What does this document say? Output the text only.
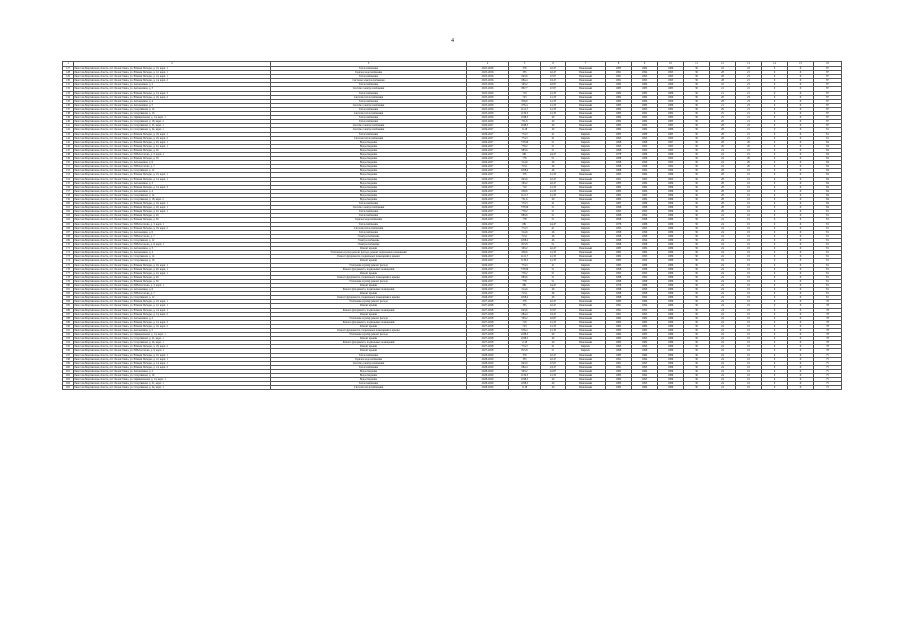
4
1	2	3	4	5	6	7	8	9	10	11	12	13	14	15	16
127	Ряж.Сам.Мартинская область, пгт. Белая Глина, ул. Южная Победы, д. 10, корп. 1	Теплоснабжение	2025-2026	376	42,47	Панельный	1983	1984	1986	30	22	23	0	Х	87
128	Ряж.Сам.Мартинская область, пгт. Белая Глина, ул. Южная Победы, д. 12, корп. 1	Горячее водоснабжение	2025-2026	335	42,47	Панельный	1991	1994	1993	30	28	21	0	Х	87
129	Ряж.Сам.Мартинская область, пгт. Белая Глина, ул. Южная Победы, д. 14, корп. 1	Теплоснабжение	2025-2026	643,6	47,67	Панельный	1991	1995	1993	30	28	23	0	Х	87
130	Ряж.Сам.Мартинская область, пгт. Белая Глина, ул. Южная Победы, д. 14, корп. 2	Системы электроснабжения	2025-2026	684,4	43,47	Панельный	1991	1995	1995	30	28	21	0	Х	87
131	Ряж.Сам.Мартинская область, пгт. Белая Глина, ул. Автономная, д. 2	Теплоснабжение	2025-2026	563,2	42,87	Панельный	1982	1984	1990	30	22	23	0	Х	87
132	Ряж.Сам.Мартинская область, пгт. Белая Глина, ул. Автономная, д. 3	Система электроснабжения	2025-2026	867,7	47,67	Панельный	1983	1985	1985	30	21	21	0	Х	87
133	Ряж.Сам.Мартинская область, пгт. Белая Глина, ул. Южная Победы, д. 14, корп. 3	Теплоснабжение	2025-2026	719	41,33	Панельный	1982	1985	1986	30	21	21	0	Х	87
134	Ряж.Сам.Мартинская область, пгт. Белая Глина, ул. Южная Победы, д. 16, корп. 2	Система теплоснабжения	2025-2026	723	41,33	Панельный	1982	1984	1990	30	26	23	0	Х	87
135	Ряж.Сам.Мартинская область, пгт. Белая Глина, ул. Автономная, д. 4	Теплоснабжение	2025-2026	639,6	41,33	Панельный	1982	1984	1990	30	28	23	0	Х	87
136	Ряж.Сам.Мартинская область, пгт. Белая Глина, ул. Автономная, д. 5	Система электроснабжения	2025-2026	676,4	41,33	Панельный	1983	1985	1986	30	21	23	0	Х	87
137	Ряж.Сам.Мартинская область, пгт. Белая Глина, ул. Спортивной, д. 14	Теплоснабжение	2025-2026	1121,7	41,33	Панельный	1982	1993	1982	30	26	21	0	Х	87
138	Ряж.Сам.Мартинская область, пгт. Белая Глина, ул. Спортивной, д. 16	Система теплоснабжения	2025-2026	1130,3	41,33	Панельный	1983	1992	1982	30	25	21	0	Х	87
139	Ряж.Сам.Мартинская область, пгт. Белая Глина, ул. Официальной, д. 14, корп. 1	Теплоснабжение	2025-2026	1188,5	40	Панельный	1984	1995	1983	30	25	21	0	Х	87
140	Ряж.Сам.Мартинская область, пгт. Белая Глина, ул. Спортивной, д. 18, корп. 2	Теплоснабжение	2025-2026	751,6	40	Панельный	1982	1984	1983	30	26	21	0	Х	87
141	Ряж.Сам.Мартинская область, пгт. Белая Глина, ул. Спортивной, д. 21, корп. 1	Система электроснабжения	2026-2027	1188,5	40	Панельный	1983	1995	1983	30	28	22	0	Х	87
142	Ряж.Сам.Мартинская область, пгт. Белая Глина, ул. Спортивной, д. 24, корп. 1	Система электроснабжения	2026-2027	1118	40	Панельный	1982	1984	1986	30	28	21	0	Х	81
143	Ряж.Сам.Мартинская область, пгт. Белая Глина, ул. Южная Победы, д. 16, корп. 1	Теплоснабжение	2026-2027	774,3	41	Кирпич	1985	1989	1983	30	28	21	0	Х	81
144	Ряж.Сам.Мартинская область, пгт. Белая Глина, ул. Южная Победы, д. 18, корп. 2	Система теплоснабжения	2026-2027	774,3	41	Кирпич	1995	1995	1995	30	28	21	0	Х	81
145	Ряж.Сам.Мартинская область, пгт. Белая Глина, ул. Южная Победы, д. 20, корп. 1	Водоотведение	2026-2027	778,99	51	Кирпич	1998	1998	1997	30	28	20	0	Х	84
146	Ряж.Сам.Мартинская область, пгт. Белая Глина, ул. Южная Победы, д. 22, корп. 1	Водоотведение	2026-2027	779,2	51	Кирпич	1995	1995	1995	30	28	20	0	Х	84
147	Ряж.Сам.Мартинская область, пгт. Белая Глина, ул. Южная Победы, д. 26	Водоотведение	2026-2027	683,6	51	Кирпич	1998	1994	1993	30	24	19	0	Х	84
148	Ряж.Сам.Мартинская область, пгт. Белая Глина, ул. Н.Небогатова, д. 3, корп. 1	Водоотведение	2026-2027	681	44,47	Кирпич	1978	1986	1986	30	24	19	0	Х	84
149	Ряж.Сам.Мартинская область, пгт. Белая Глина, ул. Южная Победы, д. 30	Водоотведение	2026-2027	778	51	Кирпич	1998	1998	1993	30	24	20	0	Х	84
150	Ряж.Сам.Мартинская область, пгт. Белая Глина, ул. Автономная, д. 6	Водоотведение	2026-2027	514,6	46	Кирпич	1998	1999	1993	30	24	20	0	Х	84
151	Ряж.Сам.Мартинская область, пгт. Белая Глина, ул. Н.Небогатова, д. 7	Водоотведение	2026-2027	713,1	46	Кирпич	1998	1998	1994	30	24	20	0	Х	84
152	Ряж.Сам.Мартинская область, пгт. Белая Глина, ул. Спортивной, д. 12	Водоотведение	2026-2027	1058,2	46	Кирпич	1998	1994	1994	30	28	19	0	Х	84
153	Ряж.Сам.Мартинская область, пгт. Белая Глина, ул. Южная Победы, д. 10, корп. 1	Водоотведение	2026-2027	376	41,33	Панельный	1983	1984	1986	30	28	19	0	Х	84
154	Ряж.Сам.Мартинская область, пгт. Белая Глина, ул. Южная Победы, д. 14, корп. 1	Водоотведение	2026-2027	643,6	42,47	Панельный	1991	1995	1993	30	28	19	0	Х	84
155	Ряж.Сам.Мартинская область, пгт. Белая Глина, ул. Автономная, д. 3	Водоотведение	2026-2027	563,2	42,47	Панельный	1983	1984	1986	30	28	19	0	Х	84
156	Ряж.Сам.Мартинская область, пгт. Белая Глина, ул. Южная Победы, д. 14, корп. 3	Водоотведение	2026-2027	719	41,33	Панельный	1982	1984	1986	30	28	19	0	Х	84
157	Ряж.Сам.Мартинская область, пгт. Белая Глина, ул. Автономная, д. 4	Водоотведение	2026-2027	639,6	41,33	Панельный	1982	1984	1986	30	28	19	0	Х	84
158	Ряж.Сам.Мартинская область, пгт. Белая Глина, ул. Спортивной, д. 14	Водоотведение	2026-2027	1121,7	41,33	Панельный	1982	1993	1986	30	28	19	0	Х	84
159	Ряж.Сам.Мартинская область, пгт. Белая Глина, ул. Спортивной, д. 18, корп. 2	Водоотведение	2026-2027	751,6	40	Панельный	1982	1984	1986	30	28	19	0	Х	84
160	Ряж.Сам.Мартинская область, пгт. Белая Глина, ул. Южная Победы, д. 16, корп. 1	Теплоснабжение	2026-2027	774,3	41	Кирпич	1985	1989	1986	30	28	19	0	Х	84
161	Ряж.Сам.Мартинская область, пгт. Белая Глина, ул. Южная Победы, д. 20, корп. 1	Система электроснабжения	2026-2027	778,99	51	Кирпич	1998	1998	1986	30	28	19	0	Х	84
162	Ряж.Сам.Мартинская область, пгт. Белая Глина, ул. Южная Победы, д. 22, корп. 1	Теплоснабжение	2026-2027	779,2	51	Кирпич	1995	1995	1986	30	28	19	0	Х	81
163	Ряж.Сам.Мартинская область, пгт. Белая Глина, ул. Южная Победы, д. 26	Теплоснабжение	2026-2027	683,6	51	Кирпич	1998	1994	1986	30	24	19	0	Х	81
164	Ряж.Сам.Мартинская область, пгт. Белая Глина, ул. Южная Победы, д. 30	Горячее водоснабжение	2026-2027	778	51	Кирпич	1998	1998	1986	30	24	19	0	Х	81
165	Ряж.Сам.Мартинская область, пгт. Белая Глина, ул. Н.Небогатова, д. 3, корп. 1	Теплоснабжение	2026-2027	681	44,47	Кирпич	1978	1986	1986	30	24	19	0	Х	81
166	Ряж.Сам.Мартинская область, пгт. Белая Глина, ул. Южная Победы, д. 18, корп. 2	Система теплоснабжения	2026-2027	774,3	41	Кирпич	1995	1995	1986	30	24	19	0	Х	81
167	Ряж.Сам.Мартинская область, пгт. Белая Глина, ул. Автономная, д. 6	Теплоснабжение	2026-2027	514,6	46	Кирпич	1998	1999	1986	30	24	19	0	Х	81
168	Ряж.Сам.Мартинская область, пгт. Белая Глина, ул. Н.Небогатова, д. 7	Электроснабжение	2026-2027	713,1	46	Кирпич	1998	1998	1986	30	24	19	0	Х	81
169	Ряж.Сам.Мартинская область, пгт. Белая Глина, ул. Спортивной, д. 12	Электроснабжение	2026-2027	1058,2	46	Кирпич	1998	1994	1986	30	24	19	0	Х	81
170	Ряж.Сам.Мартинская область, пгт. Белая Глина, ул. Н.Небогатова, д. 9, корп. 1	Электроснабжение	2026-2027	815,8	51	Кирпич	1998	1998	1986	30	24	19	0	Х	81
171	Ряж.Сам.Мартинская область, пгт. Белая Глина, ул. Автономная, д. 3	Ремонт крыши	2026-2027	563,2	42,47	Панельный	1983	1984	1986	30	24	19	0	Х	81
172	Ряж.Сам.Мартинская область, пгт. Белая Глина, ул. Автономная, д. 4	Утепление и (или) ремонт фасада, ремонт подвальных помещений	2026-2027	639,6	41,33	Панельный	1982	1984	1986	30	24	19	0	Х	81
173	Ряж.Сам.Мартинская область, пгт. Белая Глина, ул. Спортивной, д. 14	Ремонт фундамента, подвальных помещений и крыши	2026-2027	1121,7	41,33	Панельный	1982	1993	1986	30	24	19	0	Х	81
174	Ряж.Сам.Мартинская область, пгт. Белая Глина, ул. Спортивной, д. 16	Ремонт крыши	2026-2027	1130,3	41,33	Панельный	1983	1992	1986	30	24	19	0	Х	81
175	Ряж.Сам.Мартинская область, пгт. Белая Глина, ул. Южная Победы, д. 16, корп. 1	Утепление и (или) ремонт фасада	2026-2027	774,3	41	Кирпич	1985	1989	1986	30	24	19	0	Х	81
176	Ряж.Сам.Мартинская область, пгт. Белая Глина, ул. Южная Победы, д. 20, корп. 1	Ремонт фундамента, подвальных помещений	2026-2027	778,99	51	Кирпич	1998	1998	1986	30	24	19	0	Х	81
177	Ряж.Сам.Мартинская область, пгт. Белая Глина, ул. Южная Победы, д. 22, корп. 1	Ремонт крыши	2026-2027	779,2	51	Кирпич	1995	1995	1986	30	24	19	0	Х	81
178	Ряж.Сам.Мартинская область, пгт. Белая Глина, ул. Южная Победы, д. 26	Ремонт фундамента, подвальных помещений и крыши	2026-2027	683,6	51	Кирпич	1998	1994	1986	30	24	19	0	Х	81
179	Ряж.Сам.Мартинская область, пгт. Белая Глина, ул. Южная Победы, д. 30	Утепление и (или) ремонт фасада	2026-2027	778	51	Кирпич	1998	1998	1986	30	24	19	0	Х	81
180	Ряж.Сам.Мартинская область, пгт. Белая Глина, ул. Н.Небогатова, д. 3, корп. 1	Ремонт крыши	2026-2027	681	44,47	Кирпич	1978	1986	1986	30	24	19	0	Х	81
181	Ряж.Сам.Мартинская область, пгт. Белая Глина, ул. Автономная, д. 6	Ремонт фундамента, подвальных помещений	2026-2027	514,6	46	Кирпич	1998	1999	1986	30	24	19	0	Х	81
182	Ряж.Сам.Мартинская область, пгт. Белая Глина, ул. Н.Небогатова, д. 7	Ремонт крыши	2026-2027	713,1	46	Кирпич	1998	1998	1986	30	24	19	0	Х	81
183	Ряж.Сам.Мартинская область, пгт. Белая Глина, ул. Спортивной, д. 12	Ремонт фундамента, подвальных помещений и крыши	2026-2027	1058,2	46	Кирпич	1998	1994	1986	30	24	19	0	Х	81
184	Ряж.Сам.Мартинская область, пгт. Белая Глина, ул. Южная Победы, д. 10, корп. 1	Утепление и (или) ремонт фасада	2027-2028	376	42,47	Панельный	1983	1984	1986	30	24	19	0	Х	78
185	Ряж.Сам.Мартинская область, пгт. Белая Глина, ул. Южная Победы, д. 12, корп. 1	Ремонт крыши	2027-2028	335	42,47	Панельный	1991	1994	1986	30	24	19	0	Х	78
186	Ряж.Сам.Мартинская область, пгт. Белая Глина, ул. Южная Победы, д. 14, корп. 1	Ремонт фундамента, подвальных помещений	2027-2028	643,6	47,67	Панельный	1991	1995	1986	30	24	19	0	Х	78
187	Ряж.Сам.Мартинская область, пгт. Белая Глина, ул. Южная Победы, д. 14, корп. 2	Ремонт крыши	2027-2028	684,4	43,47	Панельный	1991	1995	1986	30	24	19	0	Х	78
188	Ряж.Сам.Мартинская область, пгт. Белая Глина, ул. Автономная, д. 2	Утепление и (или) ремонт фасада	2027-2028	563,2	42,87	Панельный	1982	1984	1986	30	24	19	0	Х	78
189	Ряж.Сам.Мартинская область, пгт. Белая Глина, ул. Южная Победы, д. 14, корп. 3	Ремонт фундамента, подвальных помещений	2027-2028	719	41,33	Панельный	1982	1985	1986	30	24	19	0	Х	78
190	Ряж.Сам.Мартинская область, пгт. Белая Глина, ул. Южная Победы, д. 16, корп. 2	Ремонт крыши	2027-2028	723	41,33	Панельный	1982	1984	1986	30	24	19	0	Х	78
191	Ряж.Сам.Мартинская область, пгт. Белая Глина, ул. Автономная, д. 5	Ремонт фундамента, подвальных помещений и крыши	2027-2028	676,4	41,33	Панельный	1983	1985	1986	30	24	19	0	Х	78
192	Ряж.Сам.Мартинская область, пгт. Белая Глина, ул. Официальной, д. 14, корп. 1	Утепление и (или) ремонт фасада	2027-2028	1188,5	40	Панельный	1984	1995	1986	30	24	19	0	Х	78
193	Ряж.Сам.Мартинская область, пгт. Белая Глина, ул. Спортивной, д. 21, корп. 1	Ремонт крыши	2027-2028	1188,5	40	Панельный	1983	1995	1986	30	24	19	0	Х	78
194	Ряж.Сам.Мартинская область, пгт. Белая Глина, ул. Спортивной, д. 24, корп. 1	Ремонт фундамента, подвальных помещений	2027-2028	1118	40	Панельный	1982	1984	1986	30	24	19	0	Х	78
195	Ряж.Сам.Мартинская область, пгт. Белая Глина, ул. Южная Победы, д. 18, корп. 2	Ремонт крыши	2027-2028	774,3	41	Кирпич	1995	1995	1986	30	24	19	0	Х	78
196	Ряж.Сам.Мартинская область, пгт. Белая Глина, ул. Н.Небогатова, д. 9, корп. 1	Ремонт крыши	2027-2028	815,8	51	Кирпич	1998	1998	1986	30	24	19	0	Х	78
197	Ряж.Сам.Мартинская область, пгт. Белая Глина, ул. Южная Победы, д. 10, корп. 1	Теплоснабжение	2028-2029	376	42,47	Панельный	1983	1984	1986	30	24	19	0	Х	75
198	Ряж.Сам.Мартинская область, пгт. Белая Глина, ул. Южная Победы, д. 12, корп. 1	Горячее водоснабжение	2028-2029	335	42,47	Панельный	1991	1994	1986	30	24	19	0	Х	75
199	Ряж.Сам.Мартинская область, пгт. Белая Глина, ул. Южная Победы, д. 14, корп. 1	Система электроснабжения	2028-2029	643,6	47,67	Панельный	1991	1995	1986	30	24	19	0	Х	75
200	Ряж.Сам.Мартинская область, пгт. Белая Глина, ул. Южная Победы, д. 14, корп. 2	Теплоснабжение	2028-2029	684,4	43,47	Панельный	1991	1995	1986	30	24	19	0	Х	75
201	Ряж.Сам.Мартинская область, пгт. Белая Глина, ул. Автономная, д. 2	Водоотведение	2028-2029	563,2	42,87	Панельный	1982	1984	1986	30	24	19	0	Х	75
202	Ряж.Сам.Мартинская область, пгт. Белая Глина, ул. Спортивной, д. 16	Водоотведение	2028-2029	1130,3	41,33	Панельный	1983	1992	1986	30	24	19	0	Х	75
203	Ряж.Сам.Мартинская область, пгт. Белая Глина, ул. Официальной, д. 14, корп. 1	Водоотведение	2028-2029	1188,5	40	Панельный	1984	1995	1986	30	24	19	0	Х	75
204	Ряж.Сам.Мартинская область, пгт. Белая Глина, ул. Спортивной, д. 21, корп. 1	Теплоснабжение	2028-2029	1188,5	40	Панельный	1983	1995	1986	30	24	19	0	Х	75
205	Ряж.Сам.Мартинская область, пгт. Белая Глина, ул. Спортивной, д. 24, корп. 1	Система теплоснабжения	2028-2029	1118	40	Панельный	1982	1984	1986	30	24	19	0	Х	75
